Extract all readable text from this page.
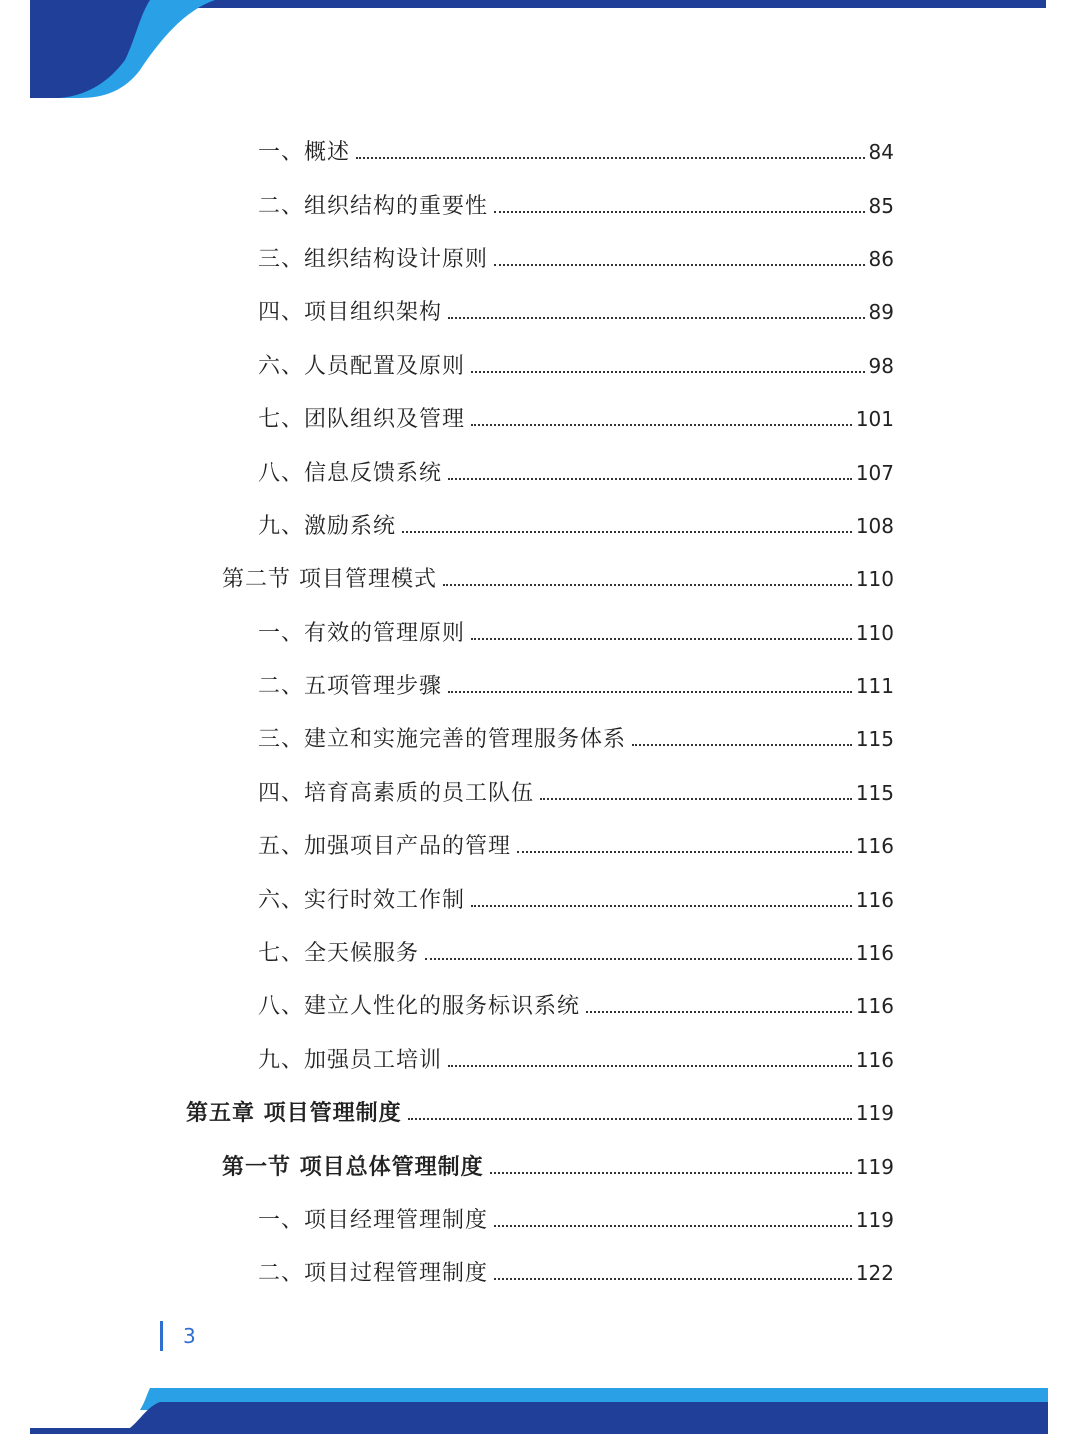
一、概述	84
二、组织结构的重要性	85
三、组织结构设计原则	86
四、项目组织架构	89
六、人员配置及原则	98
七、团队组织及管理	101
八、信息反馈系统	107
九、激励系统	108
第二节 项目管理模式	110
一、有效的管理原则	110
二、五项管理步骤	111
三、建立和实施完善的管理服务体系	115
四、培育高素质的员工队伍	115
五、加强项目产品的管理	116
六、实行时效工作制	116
七、全天候服务	116
八、建立人性化的服务标识系统	116
九、加强员工培训	116
第五章 项目管理制度	119
第一节 项目总体管理制度	119
一、项目经理管理制度	119
二、项目过程管理制度	122
3
